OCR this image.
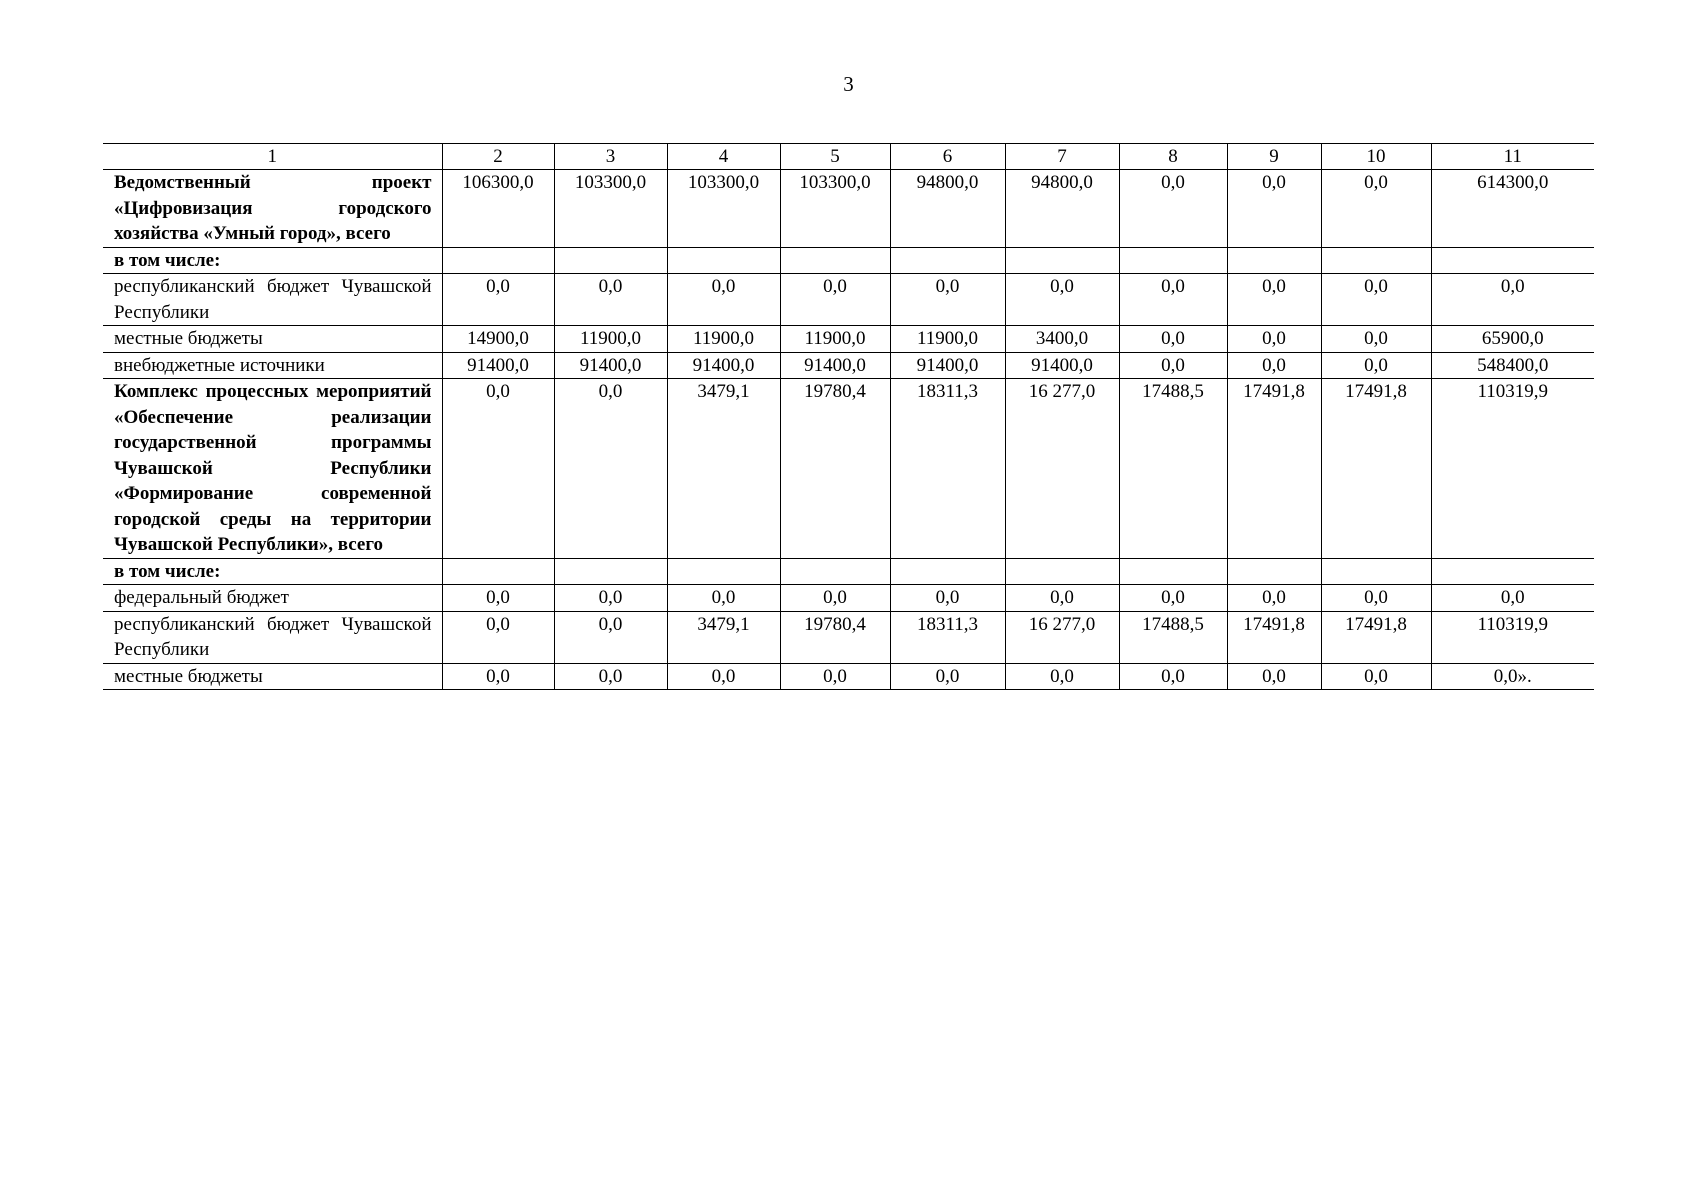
3
1	2	3	4	5	6	7	8	9	10	11
Ведомственный проект «Цифровизация городского хозяйства «Умный город», всего	106300,0	103300,0	103300,0	103300,0	94800,0	94800,0	0,0	0,0	0,0	614300,0
в том числе:										
республиканский бюджет Чувашской Республики	0,0	0,0	0,0	0,0	0,0	0,0	0,0	0,0	0,0	0,0
местные бюджеты	14900,0	11900,0	11900,0	11900,0	11900,0	3400,0	0,0	0,0	0,0	65900,0
внебюджетные источники	91400,0	91400,0	91400,0	91400,0	91400,0	91400,0	0,0	0,0	0,0	548400,0
Комплекс процессных мероприятий «Обеспечение реализации государственной программы Чувашской Республики «Формирование современной городской среды на территории Чувашской Республики», всего	0,0	0,0	3479,1	19780,4	18311,3	16 277,0	17488,5	17491,8	17491,8	110319,9
в том числе:										
федеральный бюджет	0,0	0,0	0,0	0,0	0,0	0,0	0,0	0,0	0,0	0,0
республиканский бюджет Чувашской Республики	0,0	0,0	3479,1	19780,4	18311,3	16 277,0	17488,5	17491,8	17491,8	110319,9
местные бюджеты	0,0	0,0	0,0	0,0	0,0	0,0	0,0	0,0	0,0	0,0».
